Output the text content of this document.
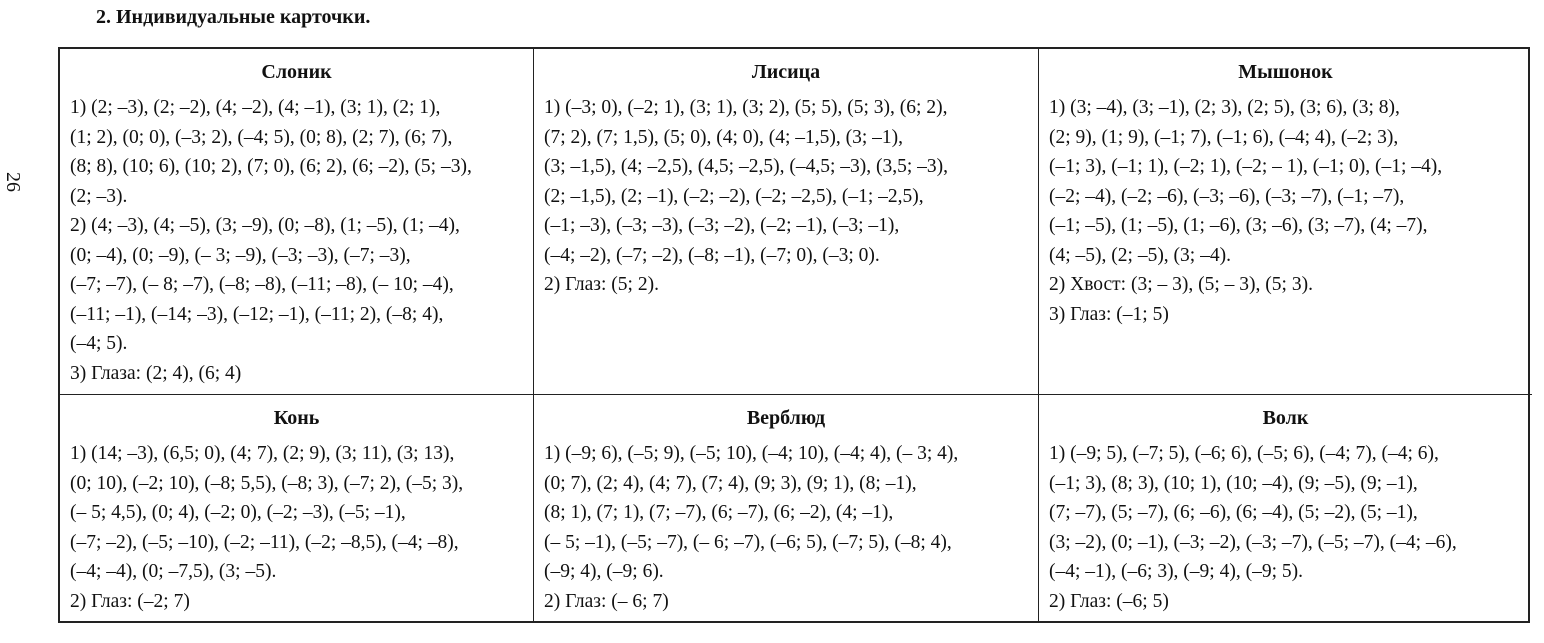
2. Индивидуальные карточки.
26
Слоник
1) (2; –3), (2; –2), (4; –2), (4; –1), (3; 1), (2; 1),
(1; 2), (0; 0), (–3; 2), (–4; 5), (0; 8), (2; 7), (6; 7),
(8; 8), (10; 6), (10; 2), (7; 0), (6; 2), (6; –2), (5; –3),
(2; –3).
2) (4; –3), (4; –5), (3; –9), (0; –8), (1; –5), (1; –4),
(0; –4), (0; –9), (– 3; –9), (–3; –3), (–7; –3),
(–7; –7), (– 8; –7), (–8; –8), (–11; –8), (– 10; –4),
(–11; –1), (–14; –3), (–12; –1), (–11; 2), (–8; 4),
(–4; 5).
3) Глаза: (2; 4), (6; 4)
Лисица
1) (–3; 0), (–2; 1), (3; 1), (3; 2), (5; 5), (5; 3), (6; 2),
(7; 2), (7; 1,5), (5; 0), (4; 0), (4; –1,5), (3; –1),
(3; –1,5), (4; –2,5), (4,5; –2,5), (–4,5; –3), (3,5; –3),
(2; –1,5), (2; –1), (–2; –2), (–2; –2,5), (–1; –2,5),
(–1; –3), (–3; –3), (–3; –2), (–2; –1), (–3; –1),
(–4; –2), (–7; –2), (–8; –1), (–7; 0), (–3; 0).
2) Глаз: (5; 2).
Мышонок
1) (3; –4), (3; –1), (2; 3), (2; 5), (3; 6), (3; 8),
(2; 9), (1; 9), (–1; 7), (–1; 6), (–4; 4), (–2; 3),
(–1; 3), (–1; 1), (–2; 1), (–2; – 1), (–1; 0), (–1; –4),
(–2; –4), (–2; –6), (–3; –6), (–3; –7), (–1; –7),
(–1; –5), (1; –5), (1; –6), (3; –6), (3; –7), (4; –7),
(4; –5), (2; –5), (3; –4).
2) Хвост: (3; – 3), (5; – 3), (5; 3).
3) Глаз: (–1; 5)
Конь
1) (14; –3), (6,5; 0), (4; 7), (2; 9), (3; 11), (3; 13),
(0; 10), (–2; 10), (–8; 5,5), (–8; 3), (–7; 2), (–5; 3),
(– 5; 4,5), (0; 4), (–2; 0), (–2; –3), (–5; –1),
(–7; –2), (–5; –10), (–2; –11), (–2; –8,5), (–4; –8),
(–4; –4), (0; –7,5), (3; –5).
2) Глаз: (–2; 7)
Верблюд
1) (–9; 6), (–5; 9), (–5; 10), (–4; 10), (–4; 4), (– 3; 4),
(0; 7), (2; 4), (4; 7), (7; 4), (9; 3), (9; 1), (8; –1),
(8; 1), (7; 1), (7; –7), (6; –7), (6; –2), (4; –1),
(– 5; –1), (–5; –7), (– 6; –7), (–6; 5), (–7; 5), (–8; 4),
(–9; 4), (–9; 6).
2) Глаз: (– 6; 7)
Волк
1) (–9; 5), (–7; 5), (–6; 6), (–5; 6), (–4; 7), (–4; 6),
(–1; 3), (8; 3), (10; 1), (10; –4), (9; –5), (9; –1),
(7; –7), (5; –7), (6; –6), (6; –4), (5; –2), (5; –1),
(3; –2), (0; –1), (–3; –2), (–3; –7), (–5; –7), (–4; –6),
(–4; –1), (–6; 3), (–9; 4), (–9; 5).
2) Глаз: (–6; 5)
